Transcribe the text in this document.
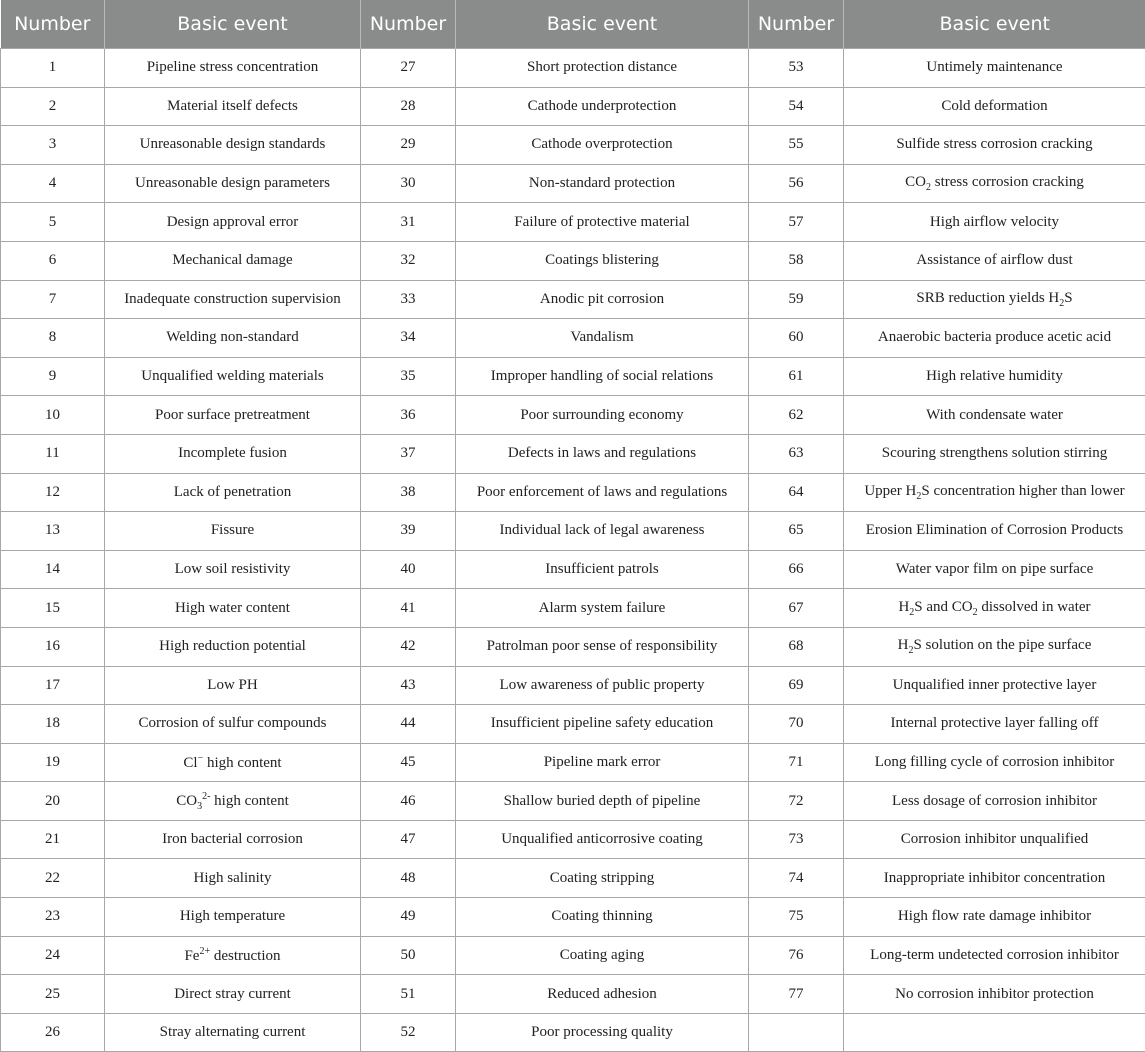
Number	Basic event	Number	Basic event	Number	Basic event
1	Pipeline stress concentration	27	Short protection distance	53	Untimely maintenance
2	Material itself defects	28	Cathode underprotection	54	Cold deformation
3	Unreasonable design standards	29	Cathode overprotection	55	Sulfide stress corrosion cracking
4	Unreasonable design parameters	30	Non-standard protection	56	$CO_2$ stress corrosion cracking
5	Design approval error	31	Failure of protective material	57	High airflow velocity
6	Mechanical damage	32	Coatings blistering	58	Assistance of airflow dust
7	Inadequate construction supervision	33	Anodic pit corrosion	59	SRB reduction yields $H_2S$
8	Welding non-standard	34	Vandalism	60	Anaerobic bacteria produce acetic acid
9	Unqualified welding materials	35	Improper handling of social relations	61	High relative humidity
10	Poor surface pretreatment	36	Poor surrounding economy	62	With condensate water
11	Incomplete fusion	37	Defects in laws and regulations	63	Scouring strengthens solution stirring
12	Lack of penetration	38	Poor enforcement of laws and regulations	64	Upper $H_2S$ concentration higher than lower
13	Fissure	39	Individual lack of legal awareness	65	Erosion Elimination of Corrosion Products
14	Low soil resistivity	40	Insufficient patrols	66	Water vapor film on pipe surface
15	High water content	41	Alarm system failure	67	$H_2S$ and $CO_2$ dissolved in water
16	High reduction potential	42	Patrolman poor sense of responsibility	68	$H_2S$ solution on the pipe surface
17	Low PH	43	Low awareness of public property	69	Unqualified inner protective layer
18	Corrosion of sulfur compounds	44	Insufficient pipeline safety education	70	Internal protective layer falling off
19	Cl− high content	45	Pipeline mark error	71	Long filling cycle of corrosion inhibitor
20	$CO_3^{2-}$ high content	46	Shallow buried depth of pipeline	72	Less dosage of corrosion inhibitor
21	Iron bacterial corrosion	47	Unqualified anticorrosive coating	73	Corrosion inhibitor unqualified
22	High salinity	48	Coating stripping	74	Inappropriate inhibitor concentration
23	High temperature	49	Coating thinning	75	High flow rate damage inhibitor
24	$Fe^{2+}$ destruction	50	Coating aging	76	Long-term undetected corrosion inhibitor
25	Direct stray current	51	Reduced adhesion	77	No corrosion inhibitor protection
26	Stray alternating current	52	Poor processing quality		
